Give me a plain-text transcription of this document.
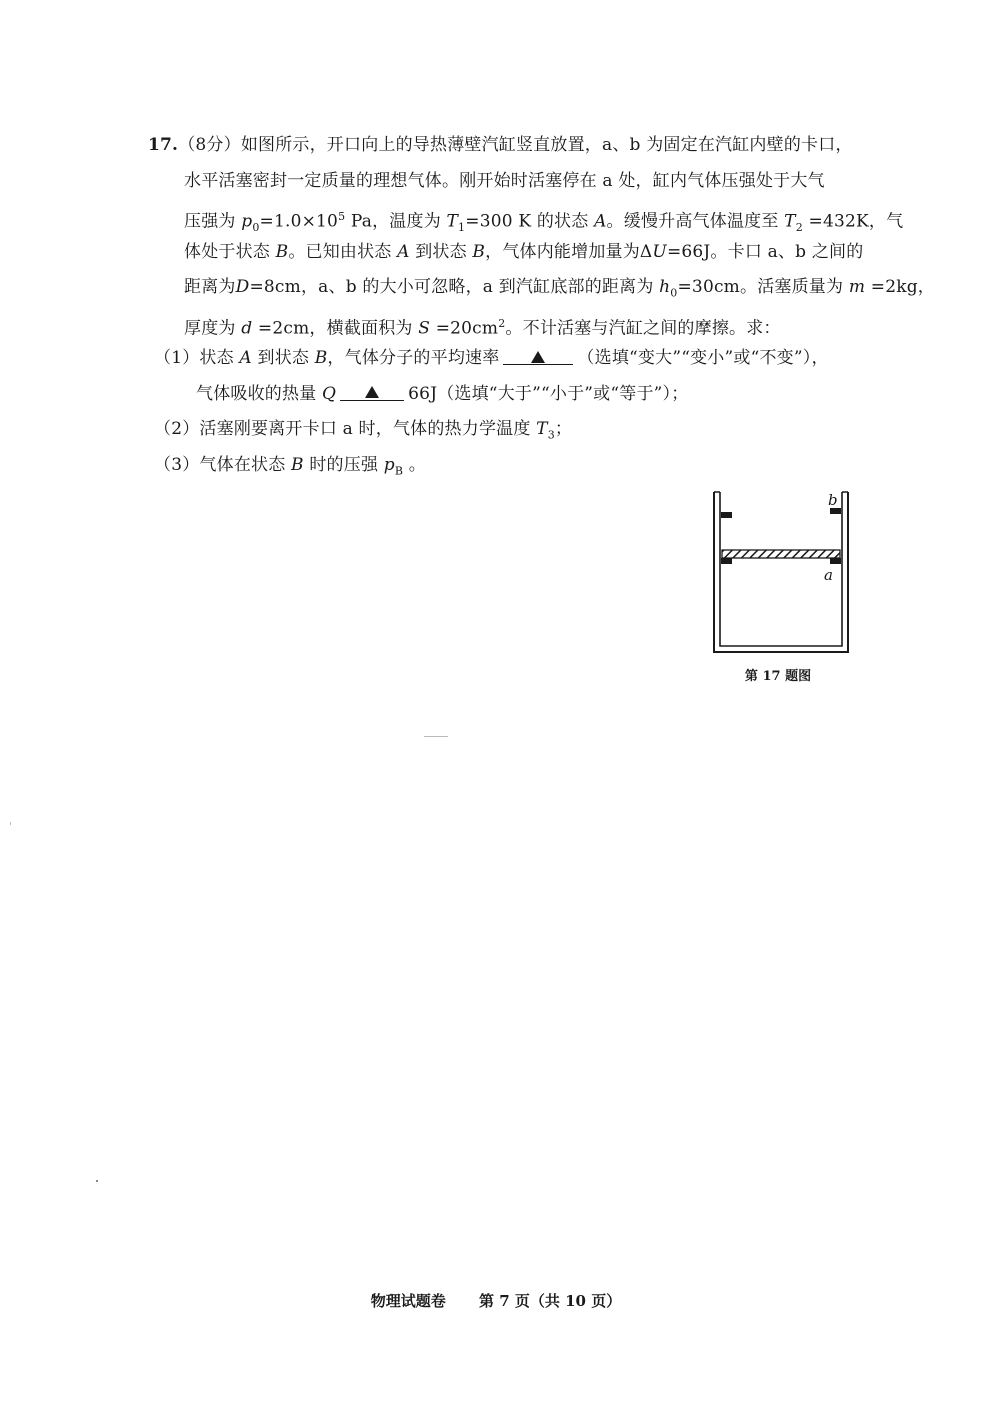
17.（8分）如图所示，开口向上的导热薄壁汽缸竖直放置，a、b 为固定在汽缸内壁的卡口，
水平活塞密封一定质量的理想气体。刚开始时活塞停在 a 处，缸内气体压强处于大气
压强为 $p_0=1.0\times 10^5$ Pa，温度为 $T_1=300$ K 的状态 A。缓慢升高气体温度至 $T_2 =432K$，气
体处于状态 B。已知由状态 A 到状态 B，气体内能增加量为ΔU=66J。卡口 a、b 之间的
距离为D=8cm，a、b 的大小可忽略，a 到汽缸底部的距离为 $h_0=30cm$。活塞质量为 m =2kg，
厚度为 d =2cm，横截面积为 $S =20cm^2$。不计活塞与汽缸之间的摩擦。求：
（1）状态 A 到状态 B，气体分子的平均速率	（选填“变大”“变小”或“不变”），
气体吸收的热量 Q	66J（选填“大于”“小于”或“等于”）；
（2）活塞刚要离开卡口 a 时，气体的热力学温度 $T_3$；
（3）气体在状态 B 时的压强 $p_B$ 。
b
a
第 17 题图
物理试题卷 第 7 页（共 10 页）
